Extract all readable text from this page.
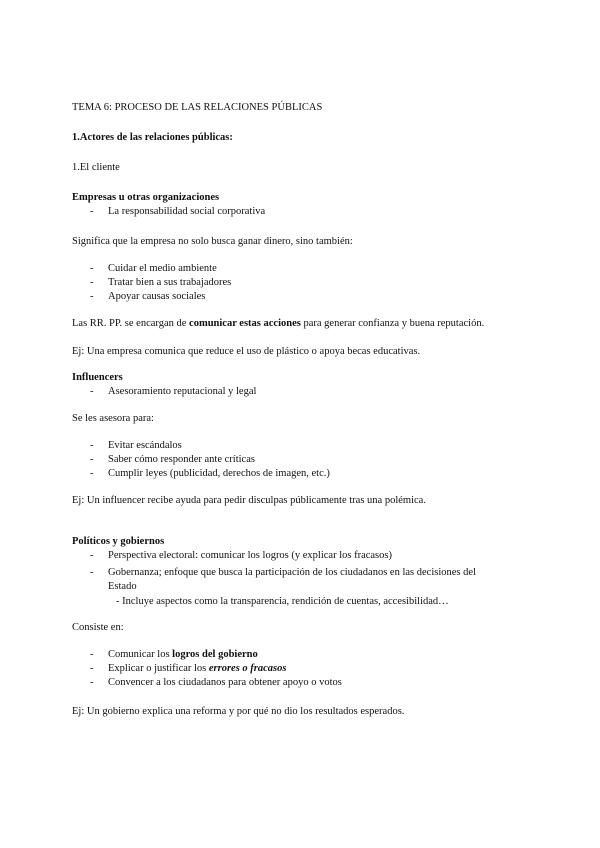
TEMA 6: PROCESO DE LAS RELACIONES PÚBLICAS
1.Actores de las relaciones públicas:
1.El cliente
Empresas u otras organizaciones
- La responsabilidad social corporativa
Significa que la empresa no solo busca ganar dinero, sino también:
- Cuidar el medio ambiente
- Tratar bien a sus trabajadores
- Apoyar causas sociales
Las RR. PP. se encargan de comunicar estas acciones para generar confianza y buena reputación.
Ej: Una empresa comunica que reduce el uso de plástico o apoya becas educativas.
Influencers
- Asesoramiento reputacional y legal
Se les asesora para:
- Evitar escándalos
- Saber cómo responder ante críticas
- Cumplir leyes (publicidad, derechos de imagen, etc.)
Ej: Un influencer recibe ayuda para pedir disculpas públicamente tras una polémica.
Políticos y gobiernos
- Perspectiva electoral: comunicar los logros (y explicar los fracasos)
- Gobernanza; enfoque que busca la participación de los ciudadanos en las decisiones del
Estado
- Incluye aspectos como la transparencia, rendición de cuentas, accesibilidad…
Consiste en:
- Comunicar los logros del gobierno
- Explicar o justificar los errores o fracasos
- Convencer a los ciudadanos para obtener apoyo o votos
Ej: Un gobierno explica una reforma y por qué no dio los resultados esperados.
